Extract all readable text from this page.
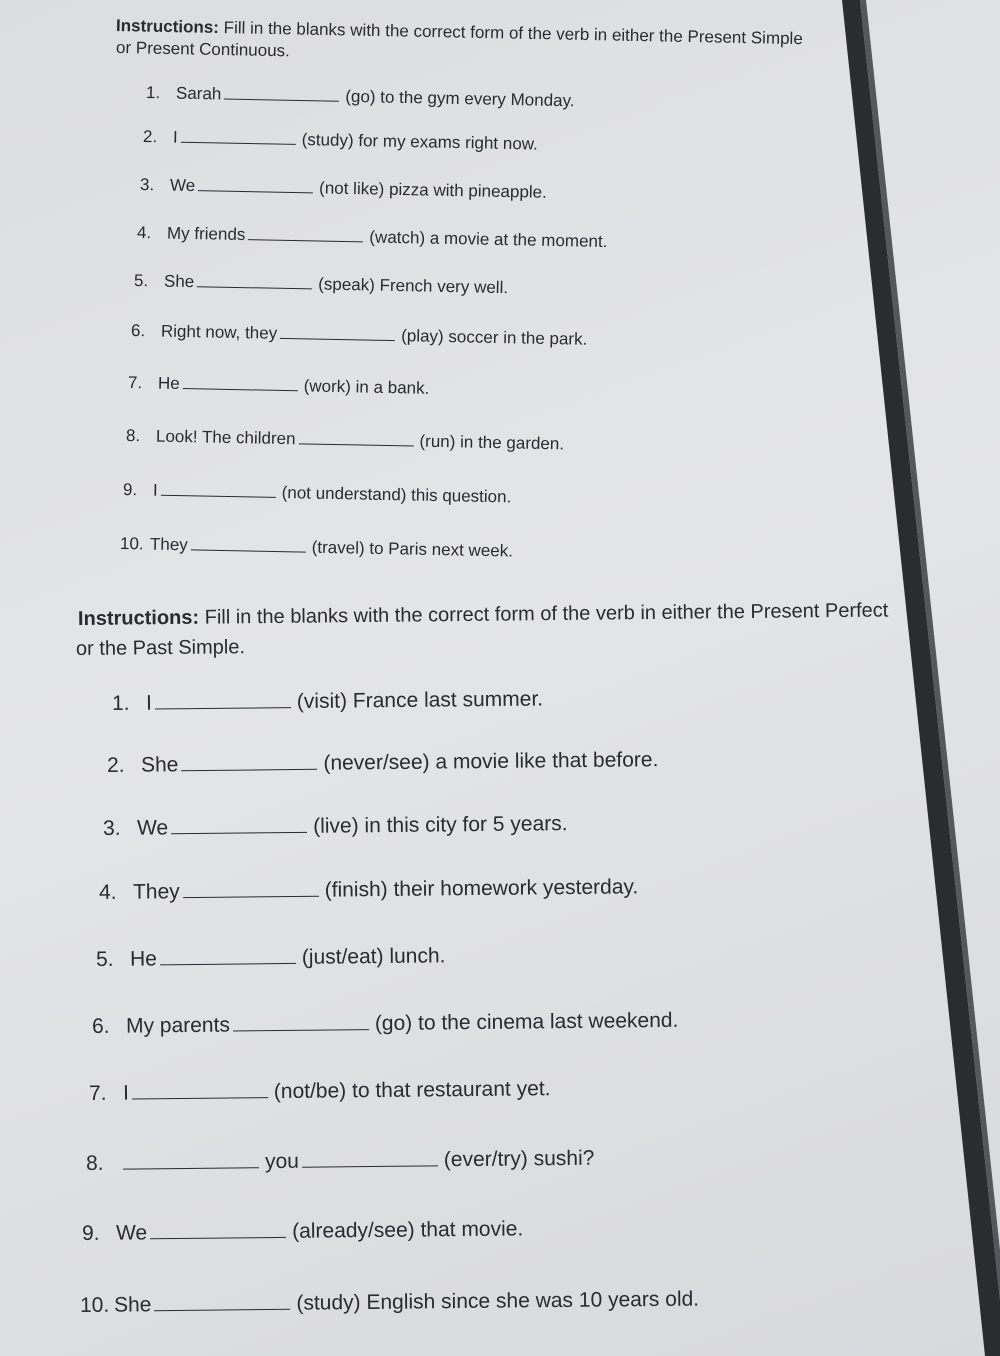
Instructions: Fill in the blanks with the correct form of the verb in either the Present Simple
or Present Continuous.
1. Sarah	(go) to the gym every Monday.
2. I	(study) for my exams right now.
3. We	(not like) pizza with pineapple.
4. My friends	(watch) a movie at the moment.
5. She	(speak) French very well.
6. Right now, they	(play) soccer in the park.
7. He	(work) in a bank.
8. Look! The children	(run) in the garden.
9. I	(not understand) this question.
10. They	(travel) to Paris next week.
Instructions: Fill in the blanks with the correct form of the verb in either the Present Perfect
or the Past Simple.
1. I	(visit) France last summer.
2. She	(never/see) a movie like that before.
3. We	(live) in this city for 5 years.
4. They	(finish) their homework yesterday.
5. He	(just/eat) lunch.
6. My parents	(go) to the cinema last weekend.
7. I	(not/be) to that restaurant yet.
8.	you	(ever/try) sushi?
9. We	(already/see) that movie.
10. She	(study) English since she was 10 years old.
